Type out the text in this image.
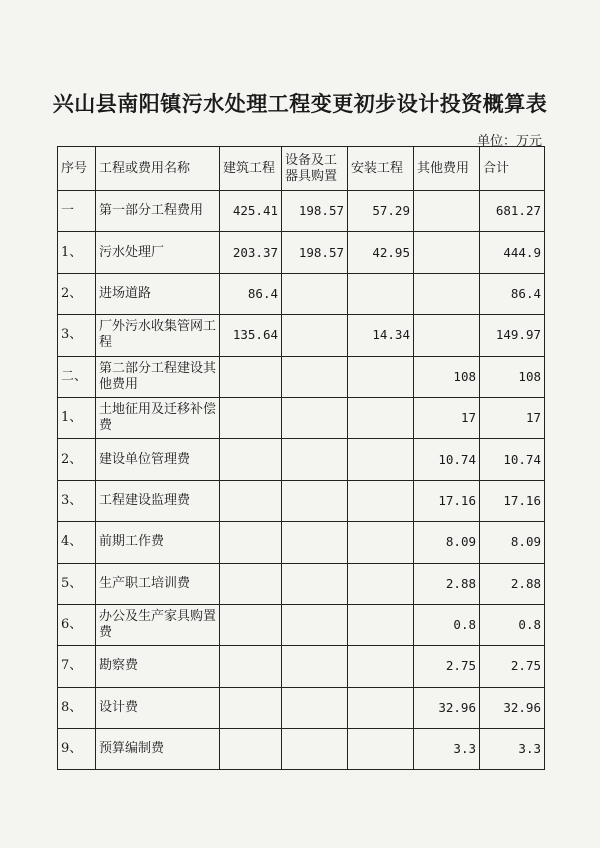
兴山县南阳镇污水处理工程变更初步设计投资概算表
单位：万元
序号	工程或费用名称	建筑工程	设备及工器具购置	安装工程	其他费用	合计
一	第一部分工程费用	425.41	198.57	57.29		681.27
1、	污水处理厂	203.37	198.57	42.95		444.9
2、	进场道路	86.4				86.4
3、	厂外污水收集管网工程	135.64		14.34		149.97
二、	第二部分工程建设其他费用				108	108
1、	土地征用及迁移补偿费				17	17
2、	建设单位管理费				10.74	10.74
3、	工程建设监理费				17.16	17.16
4、	前期工作费				8.09	8.09
5、	生产职工培训费				2.88	2.88
6、	办公及生产家具购置费				0.8	0.8
7、	勘察费				2.75	2.75
8、	设计费				32.96	32.96
9、	预算编制费				3.3	3.3
